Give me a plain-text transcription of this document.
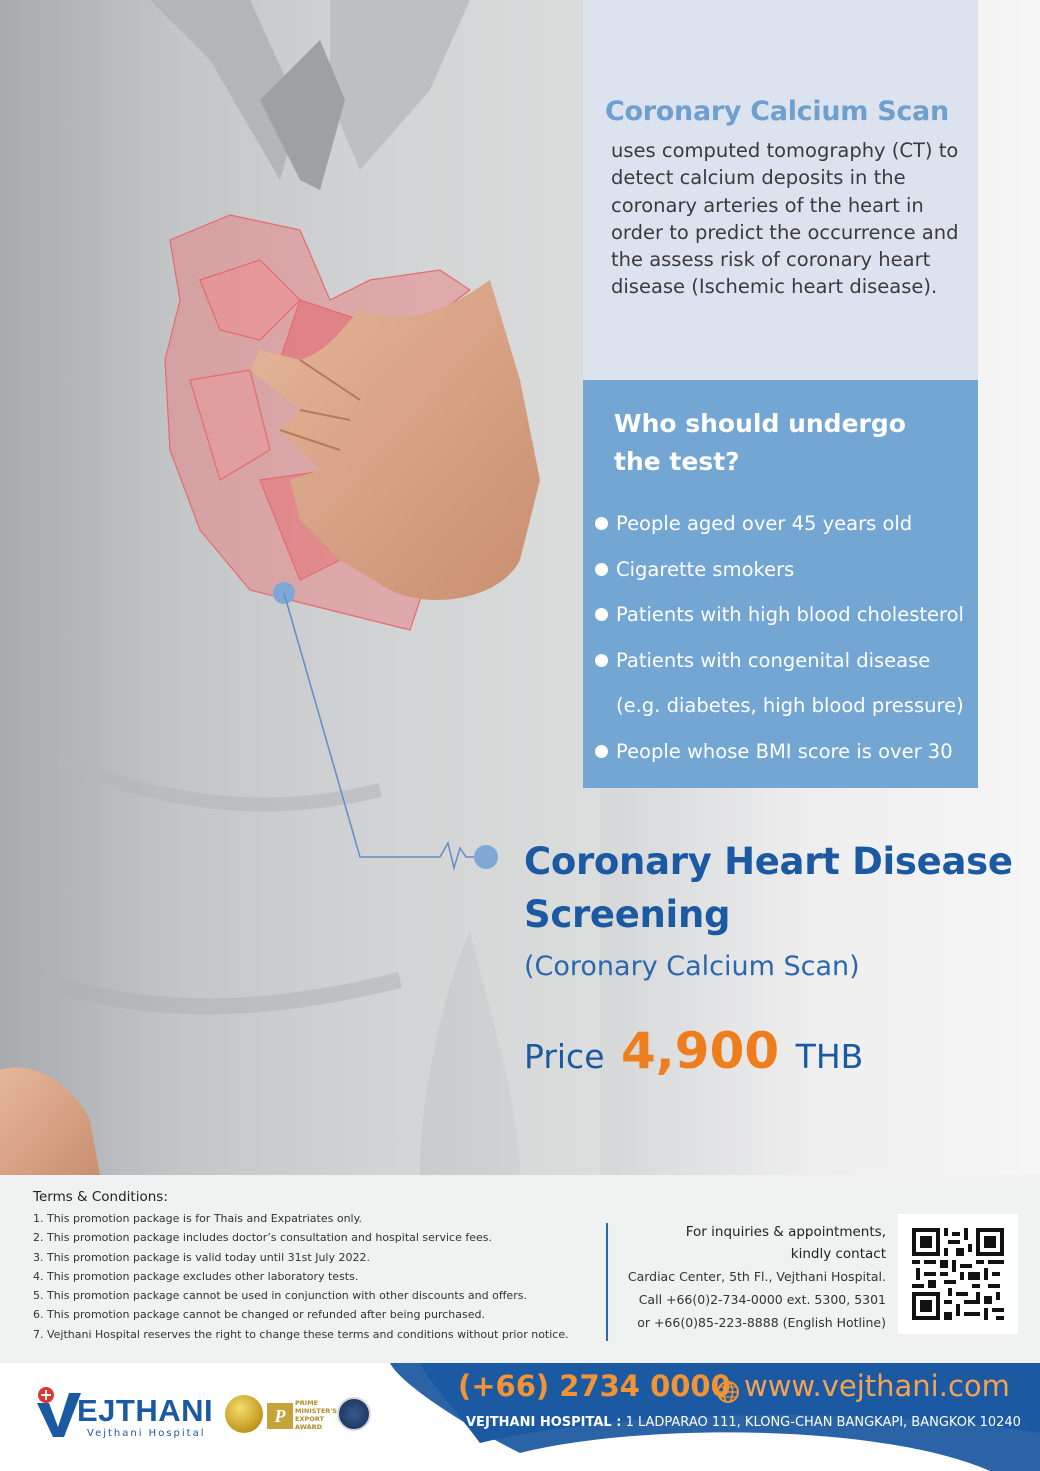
Coronary Calcium Scan

uses computed tomography (CT) to detect calcium deposits in the coronary arteries of the heart in order to predict the occurrence and the assess risk of coronary heart disease (Ischemic heart disease).

Who should undergo the test?
People aged over 45 years old
Cigarette smokers
Patients with high blood cholesterol
Patients with congenital disease
(e.g. diabetes, high blood pressure)
People whose BMI score is over 30
Coronary Heart Disease Screening
(Coronary Calcium Scan)
Price 4,900 THB
Terms & Conditions:
1. This promotion package is for Thais and Expatriates only.
2. This promotion package includes doctor’s consultation and hospital service fees.
3. This promotion package is valid today until 31st July 2022.
4. This promotion package excludes other laboratory tests.
5. This promotion package cannot be used in conjunction with other discounts and offers.
6. This promotion package cannot be changed or refunded after being purchased.
7. Vejthani Hospital reserves the right to change these terms and conditions without prior notice.
For inquiries & appointments,
kindly contact
Cardiac Center, 5th Fl., Vejthani Hospital.
Call +66(0)2-734-0000 ext. 5300, 5301
or +66(0)85-223-8888 (English Hotline)
EJTHANI
Vejthani Hospital
P
PRIME MINISTER'S EXPORT AWARD
(+66) 2734 0000 www.vejthani.com
VEJTHANI HOSPITAL : 1 LADPARAO 111, KLONG-CHAN BANGKAPI, BANGKOK 10240
